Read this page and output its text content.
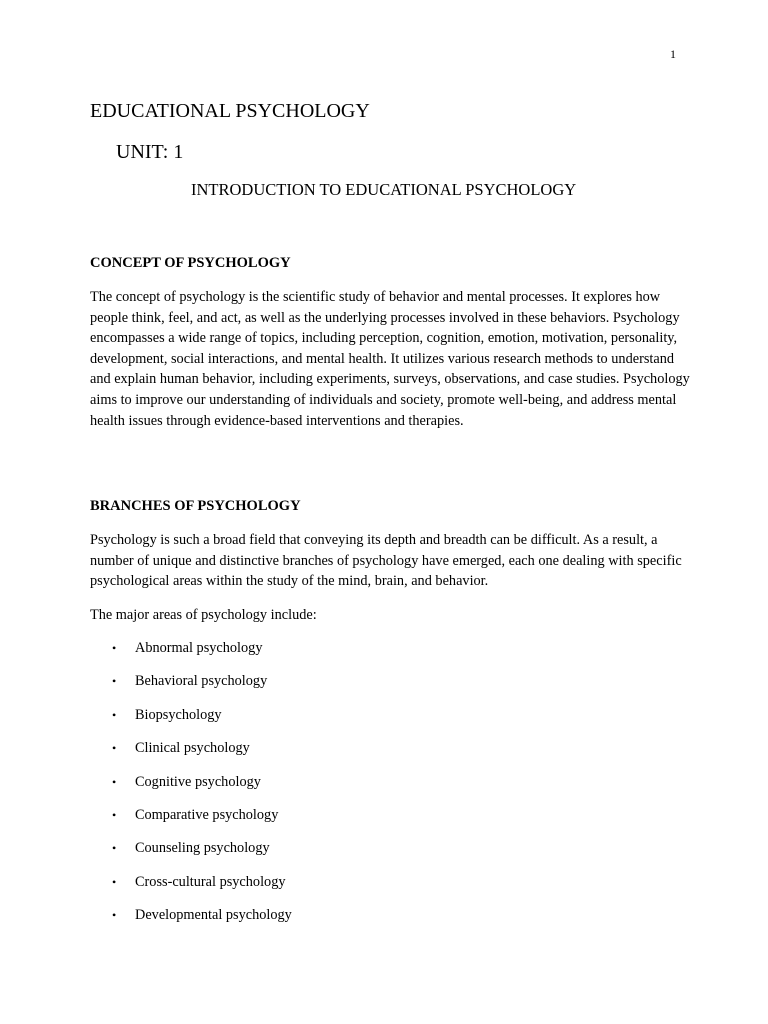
1
EDUCATIONAL PSYCHOLOGY
UNIT: 1
INTRODUCTION TO EDUCATIONAL PSYCHOLOGY
CONCEPT OF PSYCHOLOGY

The concept of psychology is the scientific study of behavior and mental processes. It explores how people think, feel, and act, as well as the underlying processes involved in these behaviors. Psychology encompasses a wide range of topics, including perception, cognition, emotion, motivation, personality, development, social interactions, and mental health. It utilizes various research methods to understand and explain human behavior, including experiments, surveys, observations, and case studies. Psychology aims to improve our understanding of individuals and society, promote well-being, and address mental health issues through evidence-based interventions and therapies.

BRANCHES OF PSYCHOLOGY

Psychology is such a broad field that conveying its depth and breadth can be difficult. As a result, a number of unique and distinctive branches of psychology have emerged, each one dealing with specific psychological areas within the study of the mind, brain, and behavior.

The major areas of psychology include:

• Abnormal psychology
• Behavioral psychology
• Biopsychology
• Clinical psychology
• Cognitive psychology
• Comparative psychology
• Counseling psychology
• Cross-cultural psychology
• Developmental psychology
